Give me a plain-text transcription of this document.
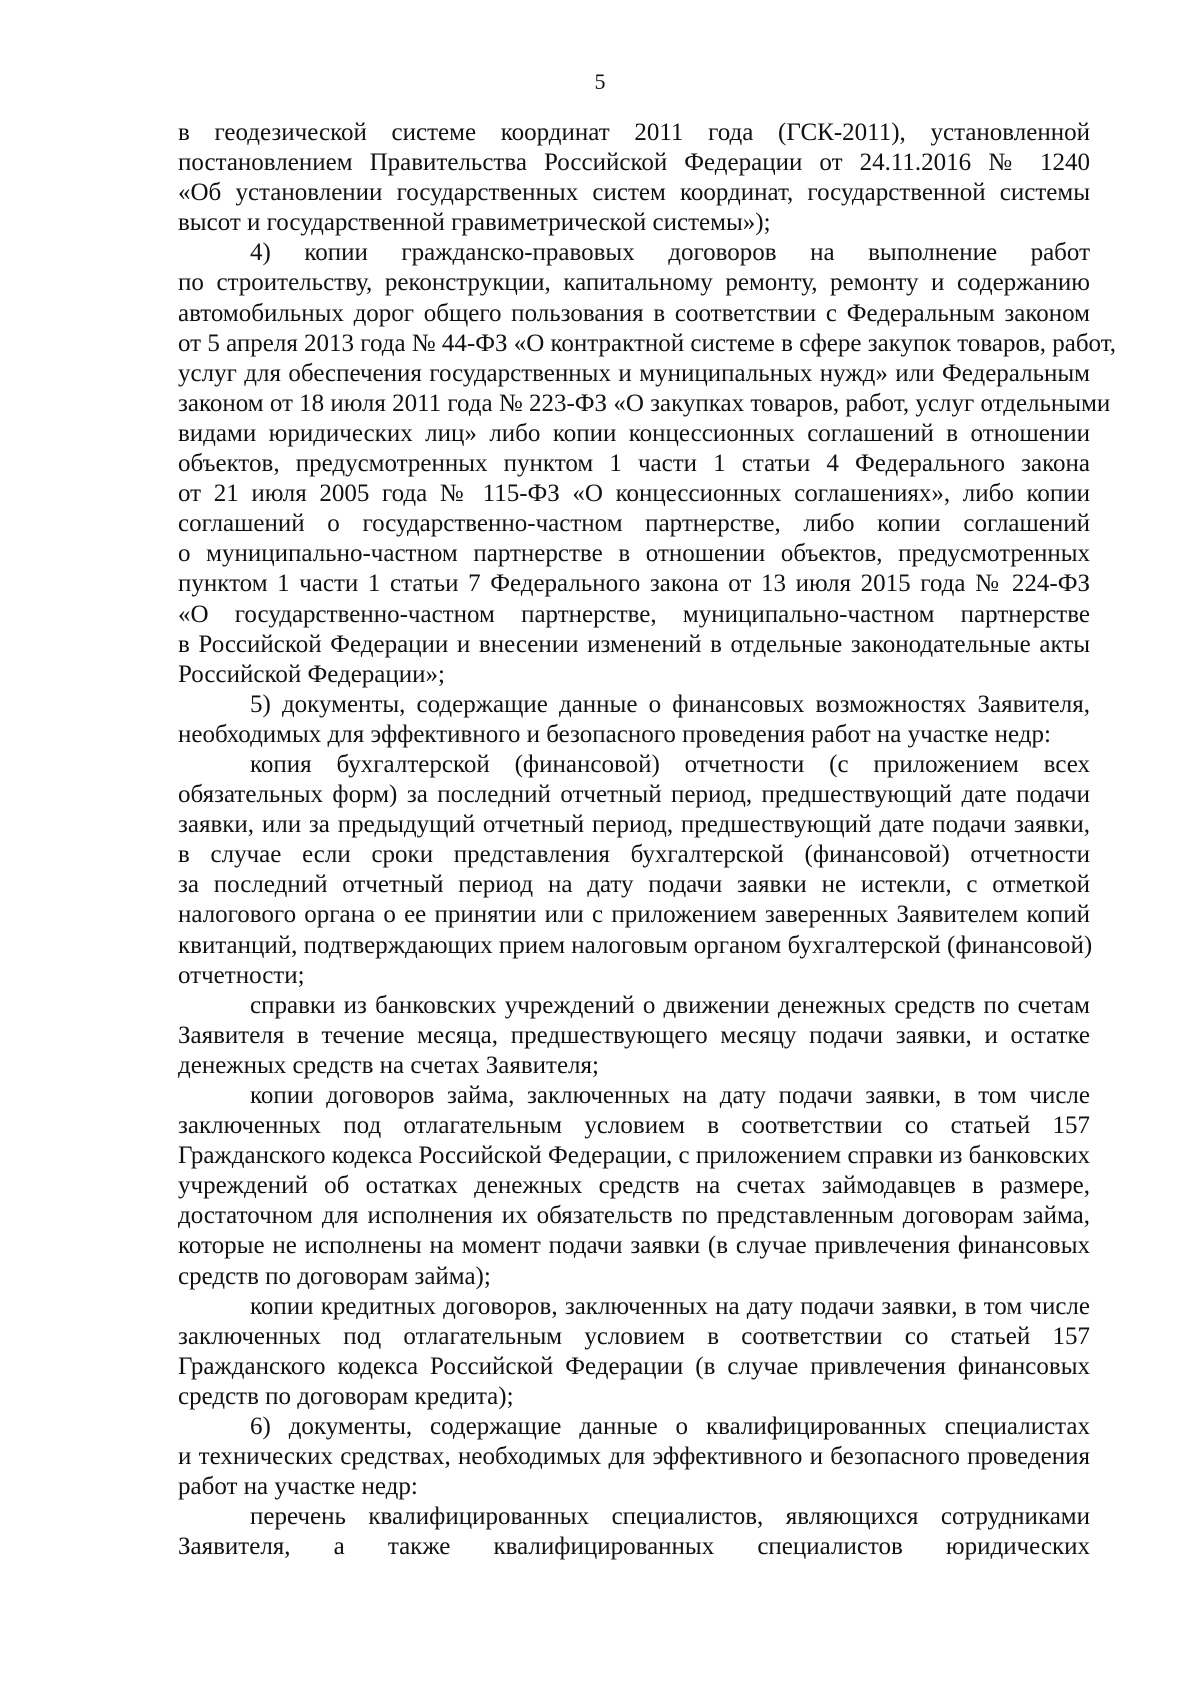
5
в геодезической системе координат 2011 года (ГСК-2011), установленной
постановлением Правительства Российской Федерации от 24.11.2016 № 1240
«Об установлении государственных систем координат, государственной системы
высот и государственной гравиметрической системы»);
4) копии гражданско-правовых договоров на выполнение работ
по строительству, реконструкции, капитальному ремонту, ремонту и содержанию
автомобильных дорог общего пользования в соответствии с Федеральным законом
от 5 апреля 2013 года № 44-ФЗ «О контрактной системе в сфере закупок товаров, работ,
услуг для обеспечения государственных и муниципальных нужд» или Федеральным
законом от 18 июля 2011 года № 223-ФЗ «О закупках товаров, работ, услуг отдельными
видами юридических лиц» либо копии концессионных соглашений в отношении
объектов, предусмотренных пунктом 1 части 1 статьи 4 Федерального закона
от 21 июля 2005 года № 115-ФЗ «О концессионных соглашениях», либо копии
соглашений о государственно-частном партнерстве, либо копии соглашений
о муниципально-частном партнерстве в отношении объектов, предусмотренных
пунктом 1 части 1 статьи 7 Федерального закона от 13 июля 2015 года № 224-ФЗ
«О государственно-частном партнерстве, муниципально-частном партнерстве
в Российской Федерации и внесении изменений в отдельные законодательные акты
Российской Федерации»;
5) документы, содержащие данные о финансовых возможностях Заявителя,
необходимых для эффективного и безопасного проведения работ на участке недр:
копия бухгалтерской (финансовой) отчетности (с приложением всех
обязательных форм) за последний отчетный период, предшествующий дате подачи
заявки, или за предыдущий отчетный период, предшествующий дате подачи заявки,
в случае если сроки представления бухгалтерской (финансовой) отчетности
за последний отчетный период на дату подачи заявки не истекли, с отметкой
налогового органа о ее принятии или с приложением заверенных Заявителем копий
квитанций, подтверждающих прием налоговым органом бухгалтерской (финансовой)
отчетности;
справки из банковских учреждений о движении денежных средств по счетам
Заявителя в течение месяца, предшествующего месяцу подачи заявки, и остатке
денежных средств на счетах Заявителя;
копии договоров займа, заключенных на дату подачи заявки, в том числе
заключенных под отлагательным условием в соответствии со статьей 157
Гражданского кодекса Российской Федерации, с приложением справки из банковских
учреждений об остатках денежных средств на счетах займодавцев в размере,
достаточном для исполнения их обязательств по представленным договорам займа,
которые не исполнены на момент подачи заявки (в случае привлечения финансовых
средств по договорам займа);
копии кредитных договоров, заключенных на дату подачи заявки, в том числе
заключенных под отлагательным условием в соответствии со статьей 157
Гражданского кодекса Российской Федерации (в случае привлечения финансовых
средств по договорам кредита);
6) документы, содержащие данные о квалифицированных специалистах
и технических средствах, необходимых для эффективного и безопасного проведения
работ на участке недр:
перечень квалифицированных специалистов, являющихся сотрудниками
Заявителя, а также квалифицированных специалистов юридических
